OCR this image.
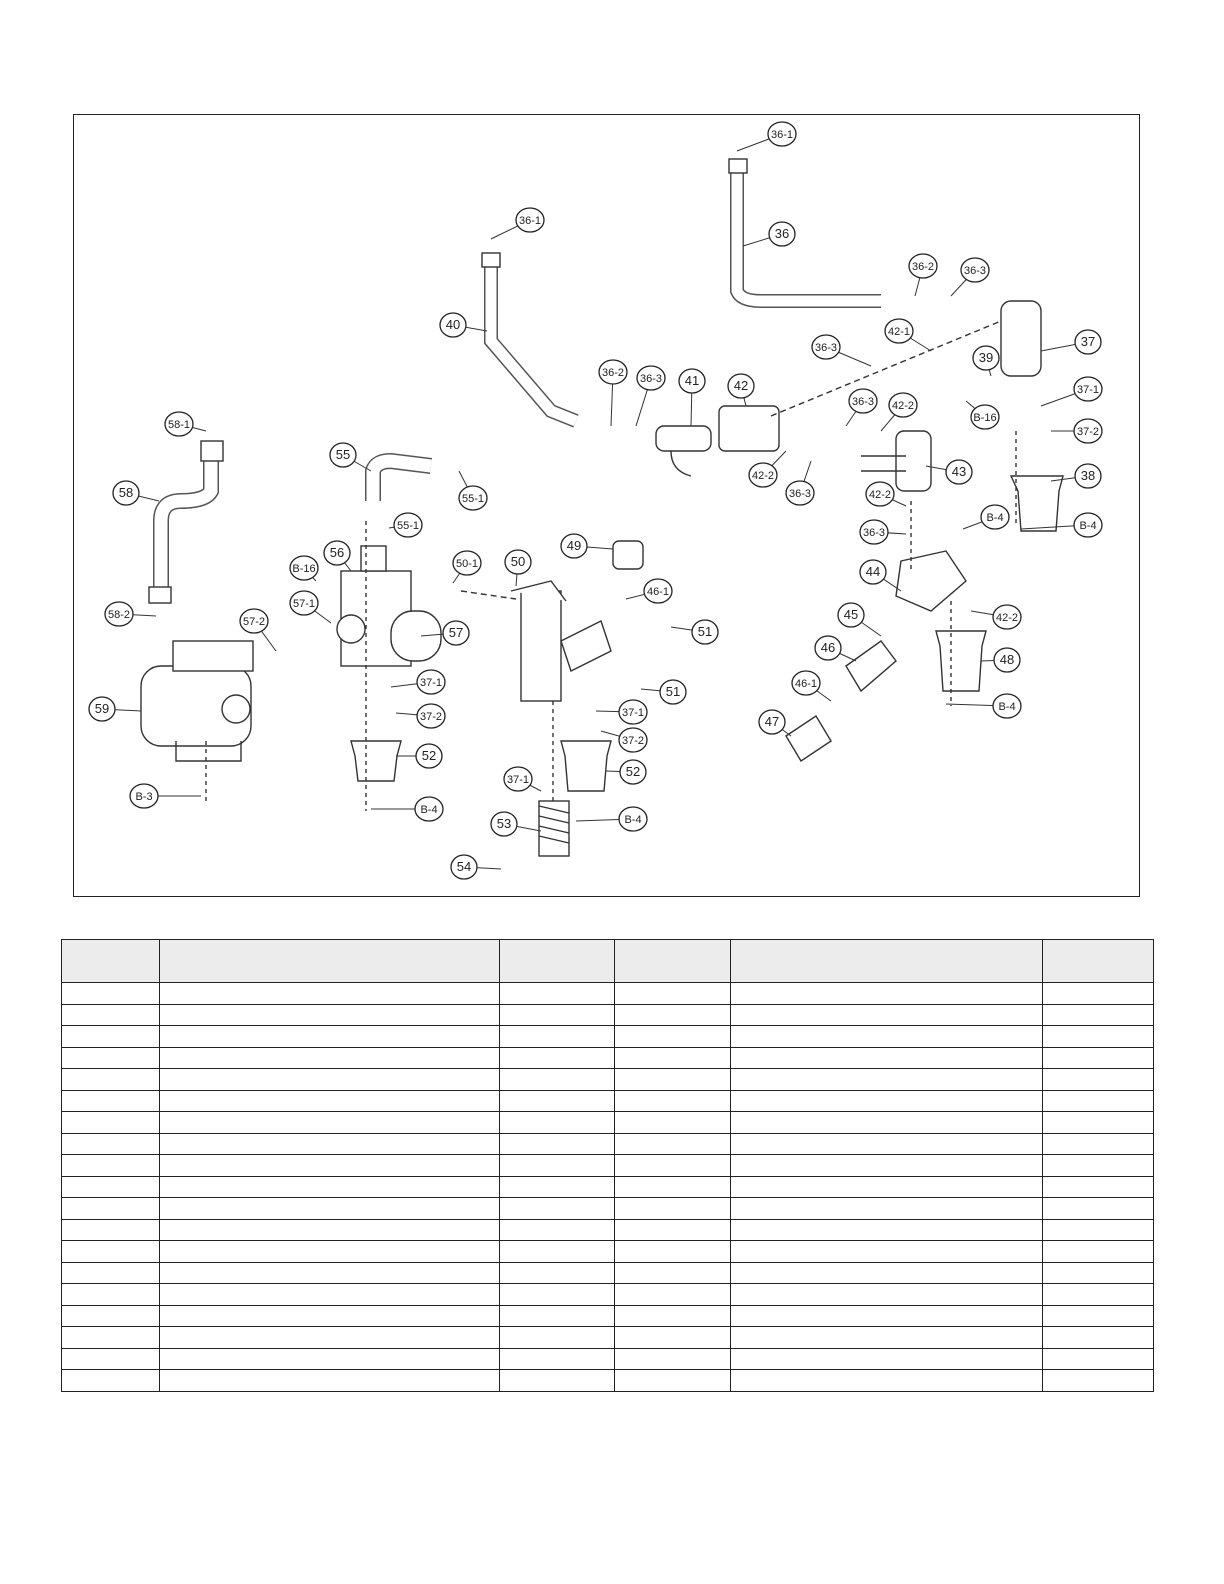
36-1
36
36-1
40
36-2	36-3
42-1
37
36-3
39
37-1
36-2 36-3 41	42
36-3 42-2
B-16
37-2
42-2	43
36-3
38
58-1
55
42-2
58	55-1
B-4
B-4
55-1
36-3
49
56
B-16	50-1	50
44
46-1
57-1
58-2	45	42-2
57-2
57	51
46
48
37-1	46-1
59
51
B-4
37-2	37-1
47
37-2
52
52
37-1
B-3
B-4
53	B-4
54
